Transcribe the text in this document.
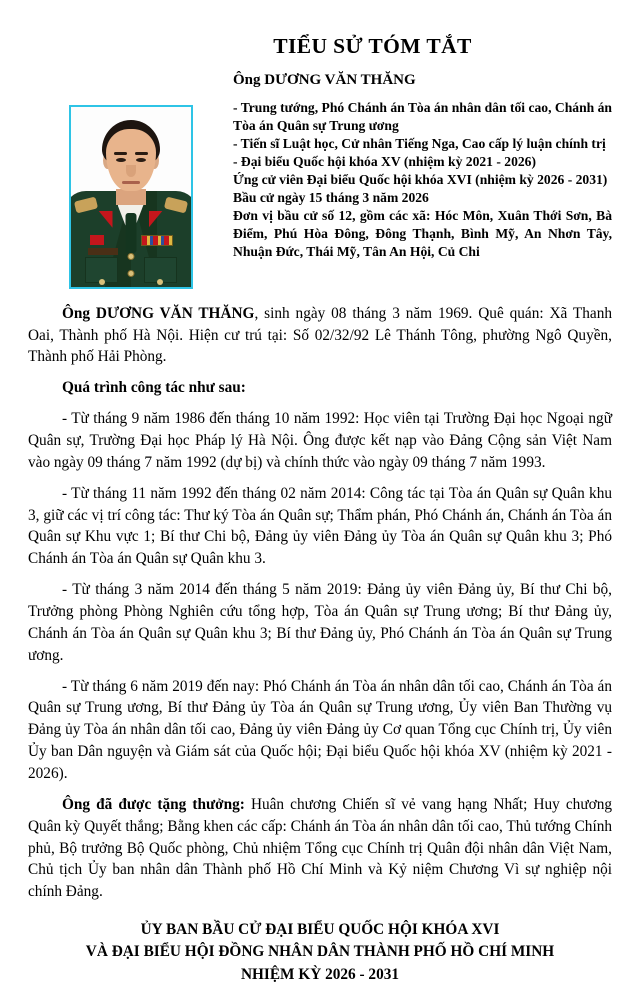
TIỂU SỬ TÓM TẮT
Ông DƯƠNG VĂN THĂNG

- Trung tướng, Phó Chánh án Tòa án nhân dân tối cao, Chánh án Tòa án Quân sự Trung ương

- Tiến sĩ Luật học, Cử nhân Tiếng Nga, Cao cấp lý luận chính trị

- Đại biểu Quốc hội khóa XV (nhiệm kỳ 2021 - 2026)

Ứng cử viên Đại biểu Quốc hội khóa XVI (nhiệm kỳ 2026 - 2031)

Bầu cử ngày 15 tháng 3 năm 2026

Đơn vị bầu cử số 12, gồm các xã: Hóc Môn, Xuân Thới Sơn, Bà Điểm, Phú Hòa Đông, Đông Thạnh, Bình Mỹ, An Nhơn Tây, Nhuận Đức, Thái Mỹ, Tân An Hội, Củ Chi

Ông DƯƠNG VĂN THĂNG, sinh ngày 08 tháng 3 năm 1969. Quê quán: Xã Thanh Oai, Thành phố Hà Nội. Hiện cư trú tại: Số 02/32/92 Lê Thánh Tông, phường Ngô Quyền, Thành phố Hải Phòng.

Quá trình công tác như sau:

- Từ tháng 9 năm 1986 đến tháng 10 năm 1992: Học viên tại Trường Đại học Ngoại ngữ Quân sự, Trường Đại học Pháp lý Hà Nội. Ông được kết nạp vào Đảng Cộng sản Việt Nam vào ngày 09 tháng 7 năm 1992 (dự bị) và chính thức vào ngày 09 tháng 7 năm 1993.

- Từ tháng 11 năm 1992 đến tháng 02 năm 2014: Công tác tại Tòa án Quân sự Quân khu 3, giữ các vị trí công tác: Thư ký Tòa án Quân sự; Thẩm phán, Phó Chánh án, Chánh án Tòa án Quân sự Khu vực 1; Bí thư Chi bộ, Đảng ủy viên Đảng ủy Tòa án Quân sự Quân khu 3; Phó Chánh án Tòa án Quân sự Quân khu 3.

- Từ tháng 3 năm 2014 đến tháng 5 năm 2019: Đảng ủy viên Đảng ủy, Bí thư Chi bộ, Trưởng phòng Phòng Nghiên cứu tổng hợp, Tòa án Quân sự Trung ương; Bí thư Đảng ủy, Chánh án Tòa án Quân sự Quân khu 3; Bí thư Đảng ủy, Phó Chánh án Tòa án Quân sự Trung ương.

- Từ tháng 6 năm 2019 đến nay: Phó Chánh án Tòa án nhân dân tối cao, Chánh án Tòa án Quân sự Trung ương, Bí thư Đảng ủy Tòa án Quân sự Trung ương, Ủy viên Ban Thường vụ Đảng ủy Tòa án nhân dân tối cao, Đảng ủy viên Đảng ủy Cơ quan Tổng cục Chính trị, Ủy viên Ủy ban Dân nguyện và Giám sát của Quốc hội; Đại biểu Quốc hội khóa XV (nhiệm kỳ 2021 - 2026).

Ông đã được tặng thưởng: Huân chương Chiến sĩ vẻ vang hạng Nhất; Huy chương Quân kỳ Quyết thắng; Bằng khen các cấp: Chánh án Tòa án nhân dân tối cao, Thủ tướng Chính phủ, Bộ trưởng Bộ Quốc phòng, Chủ nhiệm Tổng cục Chính trị Quân đội nhân dân Việt Nam, Chủ tịch Ủy ban nhân dân Thành phố Hồ Chí Minh và Kỷ niệm Chương Vì sự nghiệp nội chính Đảng.

ỦY BAN BẦU CỬ ĐẠI BIỂU QUỐC HỘI KHÓA XVI
VÀ ĐẠI BIỂU HỘI ĐỒNG NHÂN DÂN THÀNH PHỐ HỒ CHÍ MINH
NHIỆM KỲ 2026 - 2031
